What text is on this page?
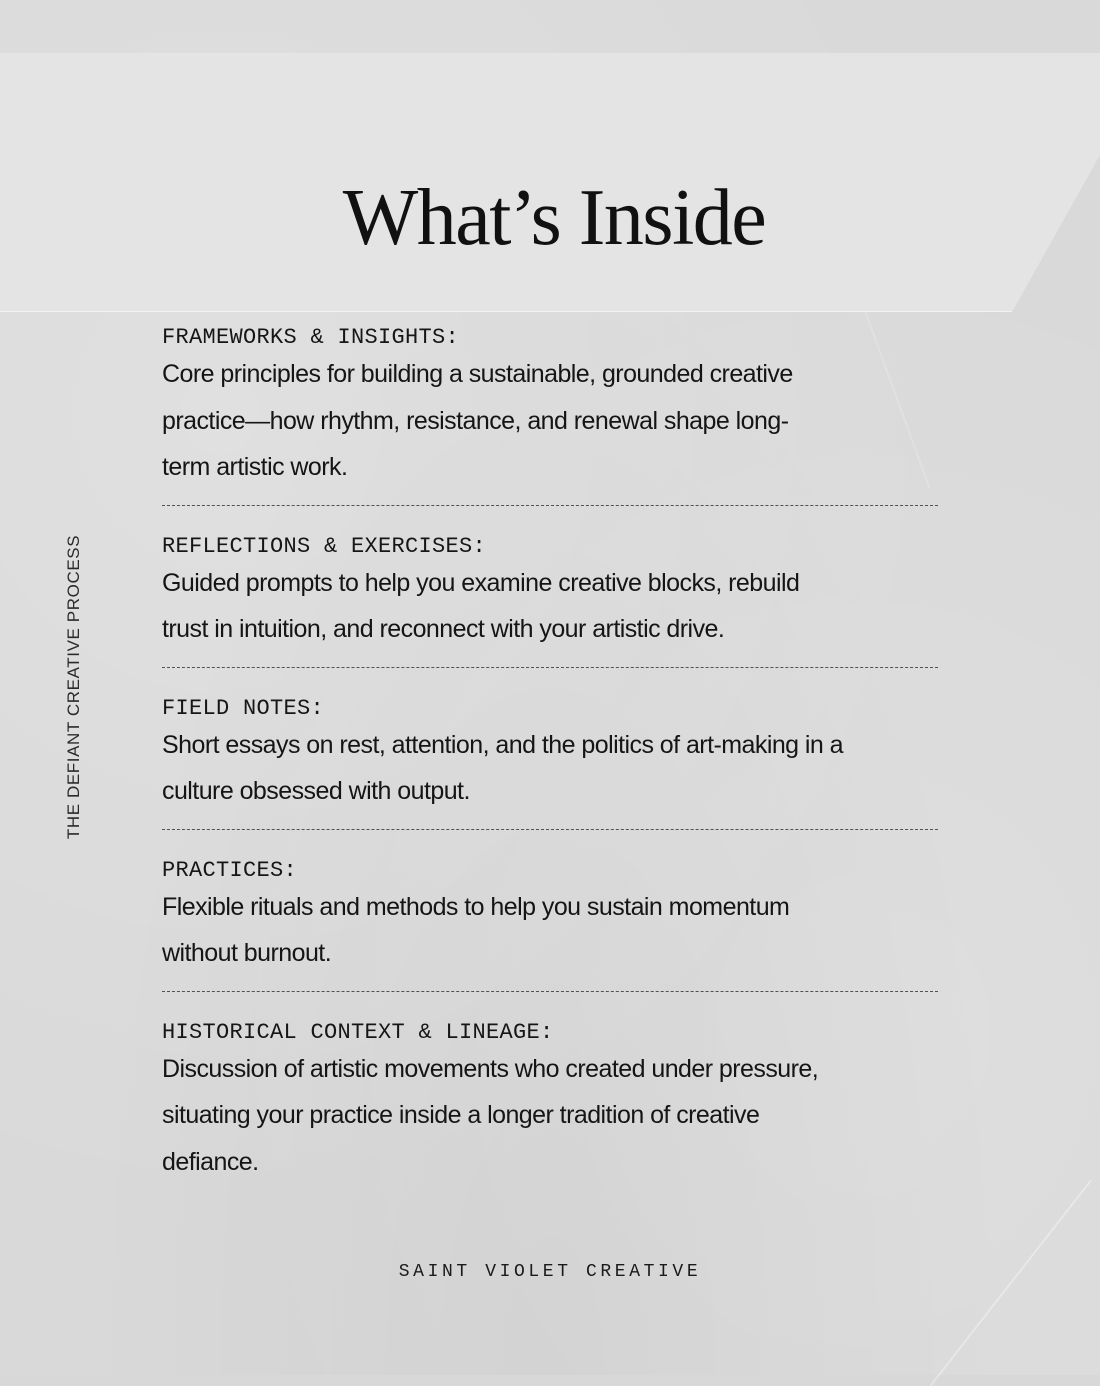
What’s Inside
THE DEFIANT CREATIVE PROCESS
FRAMEWORKS & INSIGHTS:
Core principles for building a sustainable, grounded creative
practice—how rhythm, resistance, and renewal shape long-
term artistic work.
REFLECTIONS & EXERCISES:
Guided prompts to help you examine creative blocks, rebuild
trust in intuition, and reconnect with your artistic drive.
FIELD NOTES:
Short essays on rest, attention, and the politics of art-making in a
culture obsessed with output.
PRACTICES:
Flexible rituals and methods to help you sustain momentum
without burnout.
HISTORICAL CONTEXT & LINEAGE:
Discussion of artistic movements who created under pressure,
situating your practice inside a longer tradition of creative
defiance.
SAINT VIOLET CREATIVE
